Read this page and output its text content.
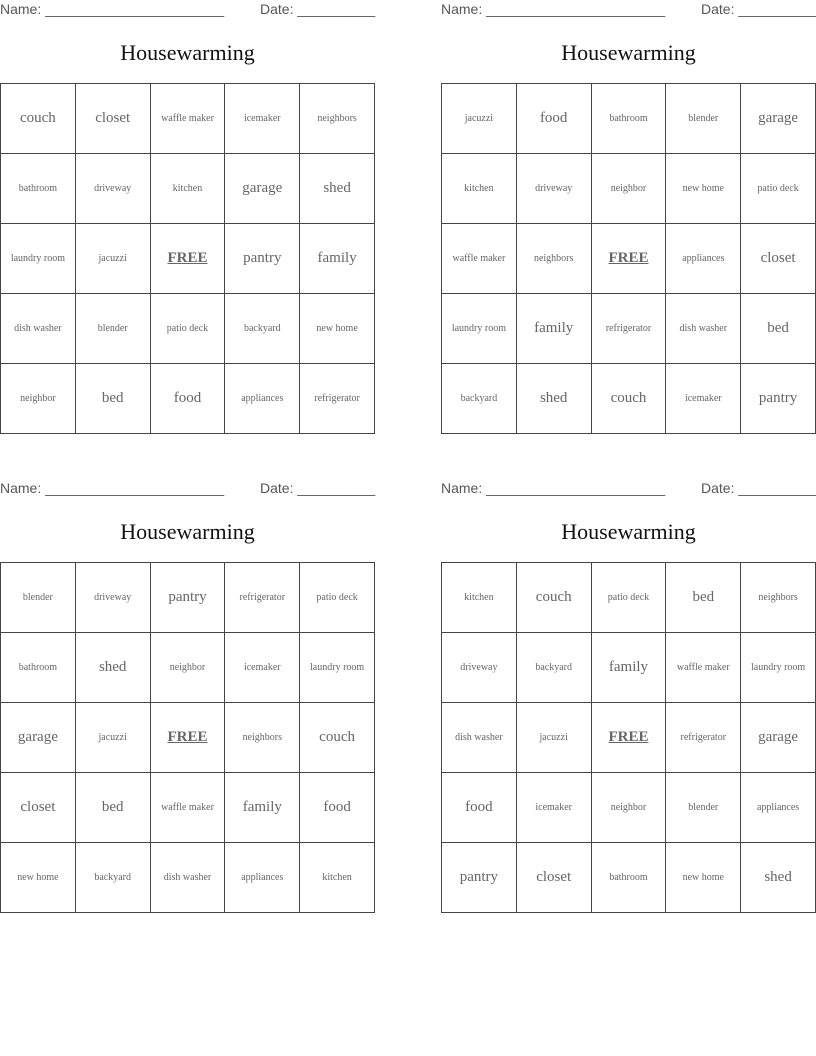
Name: _______________________	Date: __________
Housewarming
couch	closet	waffle maker	icemaker	neighbors
bathroom	driveway	kitchen	garage	shed
laundry room	jacuzzi	FREE	pantry	family
dish washer	blender	patio deck	backyard	new home
neighbor	bed	food	appliances	refrigerator
Name: _______________________	Date: __________
Housewarming
jacuzzi	food	bathroom	blender	garage
kitchen	driveway	neighbor	new home	patio deck
waffle maker	neighbors	FREE	appliances	closet
laundry room	family	refrigerator	dish washer	bed
backyard	shed	couch	icemaker	pantry
Name: _______________________	Date: __________
Housewarming
blender	driveway	pantry	refrigerator	patio deck
bathroom	shed	neighbor	icemaker	laundry room
garage	jacuzzi	FREE	neighbors	couch
closet	bed	waffle maker	family	food
new home	backyard	dish washer	appliances	kitchen
Name: _______________________	Date: __________
Housewarming
kitchen	couch	patio deck	bed	neighbors
driveway	backyard	family	waffle maker	laundry room
dish washer	jacuzzi	FREE	refrigerator	garage
food	icemaker	neighbor	blender	appliances
pantry	closet	bathroom	new home	shed
